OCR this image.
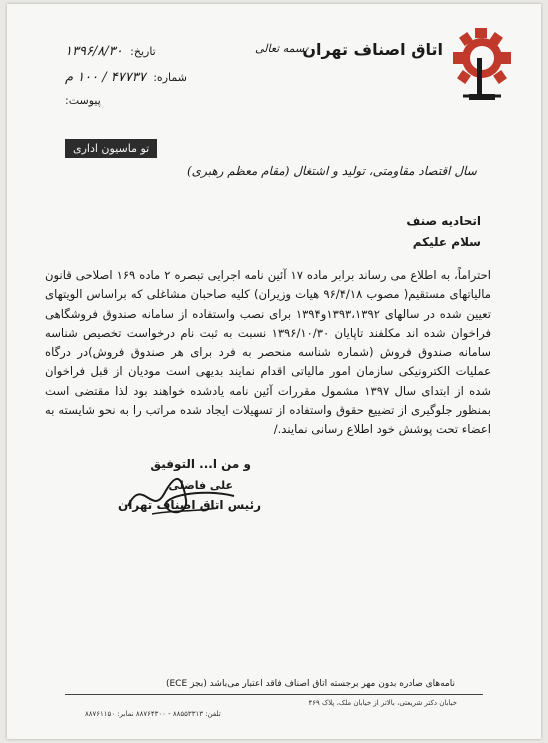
اتاق اصناف تهران
بسمه تعالی
تاریخ: ۱۳۹۶/۸/۳۰
شماره: ۴۷۷۳۷ / ۱۰۰ م
پیوست:
تو ماسیون اداری
سال اقتصاد مقاومتی، تولید و اشتغال (مقام معظم رهبری)
اتحادیه صنف
سلام علیکم
احتراماً، به اطلاع می رساند برابر ماده ۱۷ آئین نامه اجرایی تبصره ۲ ماده ۱۶۹ اصلاحی قانون مالیاتهای مستقیم( مصوب ۹۶/۴/۱۸ هیات وزیران) کلیه صاحبان مشاغلی که براساس الویتهای تعیین شده در سالهای ۱۳۹۳،۱۳۹۲و۱۳۹۴ برای نصب واستفاده از سامانه صندوق فروشگاهی فراخوان شده اند مکلفند تاپایان ۱۳۹۶/۱۰/۳۰ نسبت به ثبت نام درخواست تخصیص شناسه سامانه صندوق فروش (شماره شناسه منحصر به فرد برای هر صندوق فروش)در درگاه عملیات الکترونیکی سازمان امور مالیاتی اقدام نمایند بدیهی است مودیان از قبل فراخوان شده از ابتدای سال ۱۳۹۷ مشمول مقررات آئین نامه یادشده خواهند بود لذا مقتضی است بمنظور جلوگیری از تضییع حقوق واستفاده از تسهیلات ایجاد شده مراتب را به نحو شایسته به اعضاء تحت پوشش خود اطلاع رسانی نمایند./
و من ا... التوفیق
علی فاضلی
رئیس اتاق اصناف تهران
نامه‌های صادره بدون مهر برجسته اتاق اصناف فاقد اعتبار می‌باشد (بجز ECE)
خیابان دکتر شریعتی، بالاتر از خیابان ملک، پلاک ۴۶۹
تلفن: ۸۸۵۵۳۳۱۳ - ۸۸۷۶۴۳۰۰ نمابر: ۸۸۷۶۱۱۵۰
